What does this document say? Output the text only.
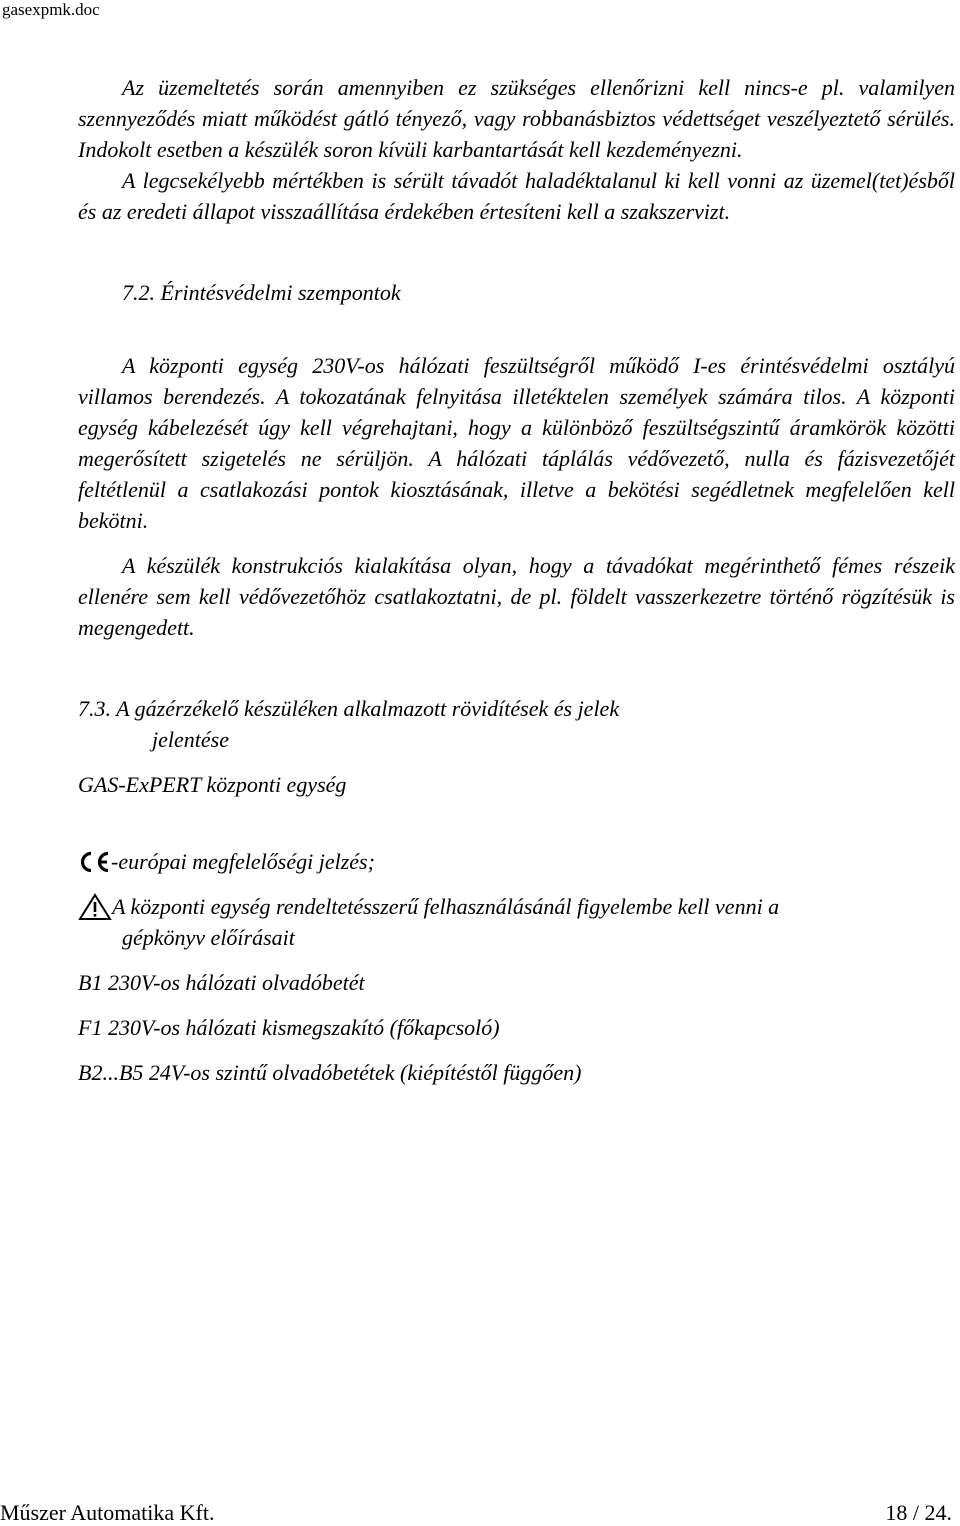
gasexpmk.doc

Az üzemeltetés során amennyiben ez szükséges ellenőrizni kell nincs-e pl. valamilyen szennyeződés miatt működést gátló tényező, vagy robbanásbiztos védettséget veszélyeztető sérülés. Indokolt esetben a készülék soron kívüli karbantartását kell kezdeményezni.

A legcsekélyebb mértékben is sérült távadót haladéktalanul ki kell vonni az üzemel(tet)ésből és az eredeti állapot visszaállítása érdekében értesíteni kell a szakszervizt.

7.2. Érintésvédelmi szempontok

A központi egység 230V-os hálózati feszültségről működő I-es érintésvédelmi osztályú villamos berendezés. A tokozatának felnyitása illetéktelen személyek számára tilos. A központi egység kábelezését úgy kell végrehajtani, hogy a különböző feszültségszintű áramkörök közötti megerősített szigetelés ne sérüljön. A hálózati táplálás védővezető, nulla és fázisvezetőjét feltétlenül a csatlakozási pontok kiosztásának, illetve a bekötési segédletnek megfelelően kell bekötni.

A készülék konstrukciós kialakítása olyan, hogy a távadókat megérinthető fémes részeik ellenére sem kell védővezetőhöz csatlakoztatni, de pl. földelt vasszerkezetre történő rögzítésük is megengedett.

7.3. A gázérzékelő készüléken alkalmazott rövidítések és jelek
jelentése

GAS-ExPERT központi egység

-európai megfelelőségi jelzés;
A központi egység rendeltetésszerű felhasználásánál figyelembe kell venni a
gépkönyv előírásait

B1 230V-os hálózati olvadóbetét

F1 230V-os hálózati kismegszakító (főkapcsoló)

B2...B5 24V-os szintű olvadóbetétek (kiépítéstől függően)

Műszer Automatika Kft.	18 / 24.
